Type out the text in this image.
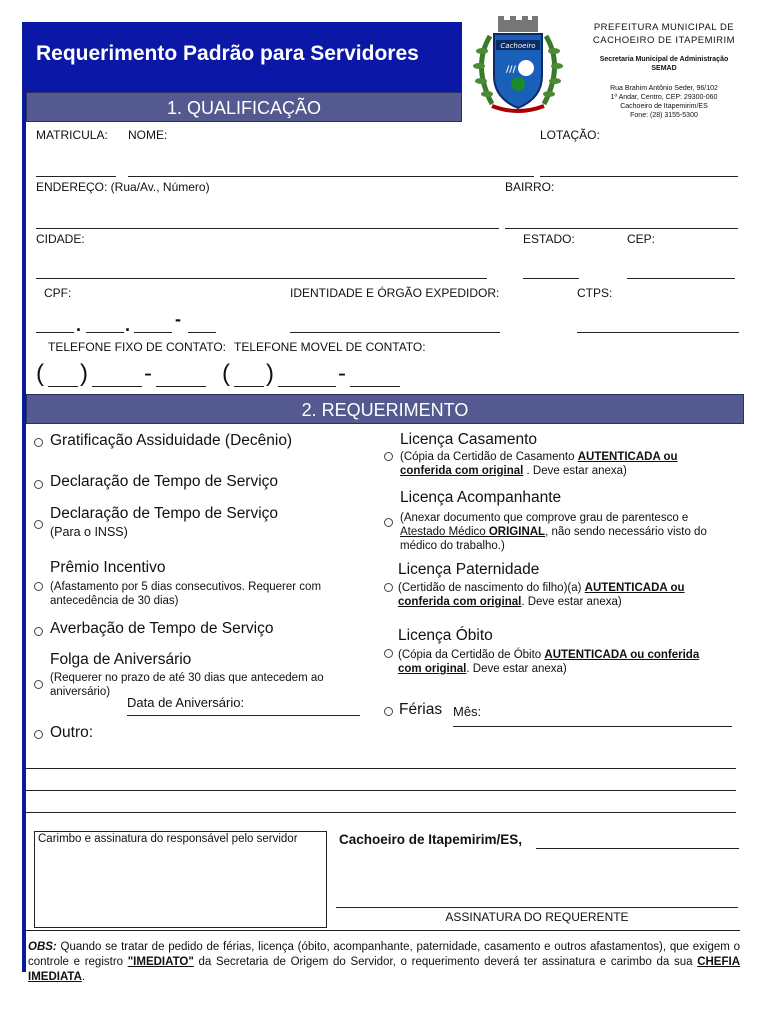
Requerimento Padrão para Servidores	Cachoeiro
///
PREFEITURA MUNICIPAL DE
CACHOEIRO DE ITAPEMIRIM
Secretaria Municipal de Administração
SEMAD
Rua Brahim Antônio Seder, 96/102
1º Andar, Centro, CEP: 29300-060
Cachoeiro de Itapemirim/ES
Fone: (28) 3155-5300
1. QUALIFICAÇÃO
MATRICULA: NOME:	LOTAÇÃO:
ENDEREÇO: (Rua/Av., Número)	BAIRRO:
CIDADE:	ESTADO:	CEP:
CPF:	IDENTIDADE E ÓRGÃO EXPEDIDOR:	CTPS:
. . -
TELEFONE FIXO DE CONTATO: TELEFONE MOVEL DE CONTATO:
( ) -	( )	-
2. REQUERIMENTO
Gratificação Assiduidade (Decênio)
Declaração de Tempo de Serviço
Declaração de Tempo de Serviço
(Para o INSS)
Prêmio Incentivo
(Afastamento por 5 dias consecutivos. Requerer com antecedência de 30 dias)
Averbação de Tempo de Serviço
Folga de Aniversário
(Requerer no prazo de até 30 dias que antecedem ao aniversário)
Data de Aniversário:
Outro:
Licença Casamento
(Cópia da Certidão de Casamento AUTENTICADA ou conferida com original . Deve estar anexa)
Licença Acompanhante
(Anexar documento que comprove grau de parentesco e Atestado Médico ORIGINAL, não sendo necessário visto do médico do trabalho.)
Licença Paternidade
(Certidão de nascimento do filho)(a) AUTENTICADA ou conferida com original. Deve estar anexa)
Licença Óbito
(Cópia da Certidão de Óbito AUTENTICADA ou conferida com original. Deve estar anexa)
Férias Mês:
Carimbo e assinatura do responsável pelo servidor	Cachoeiro de Itapemirim/ES,
ASSINATURA DO REQUERENTE
OBS: Quando se tratar de pedido de férias, licença (óbito, acompanhante, paternidade, casamento e outros afastamentos), que exigem o controle e registro "IMEDIATO" da Secretaria de Origem do Servidor, o requerimento deverá ter assinatura e carimbo da sua CHEFIA IMEDIATA.
